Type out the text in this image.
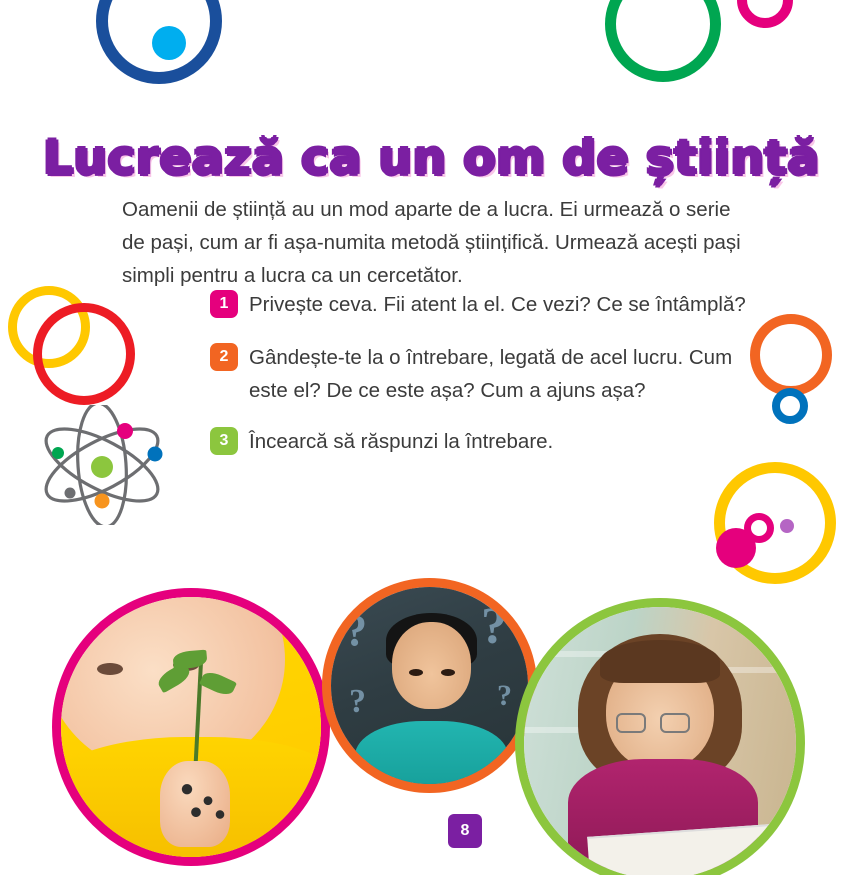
Lucrează ca un om de știință

Oamenii de știință au un mod aparte de a lucra. Ei urmează o serie de pași, cum ar fi așa-numita metodă științifică. Urmează acești pași simpli pentru a lucra ca un cercetător.

1	Privește ceva. Fii atent la el. Ce vezi? Ce se întâmplă?
2	Gândește-te la o întrebare, legată de acel lucru. Cum este el? De ce este așa? Cum a ajuns așa?
3	Încearcă să răspunzi la întrebare.
? ?
?	?
8
